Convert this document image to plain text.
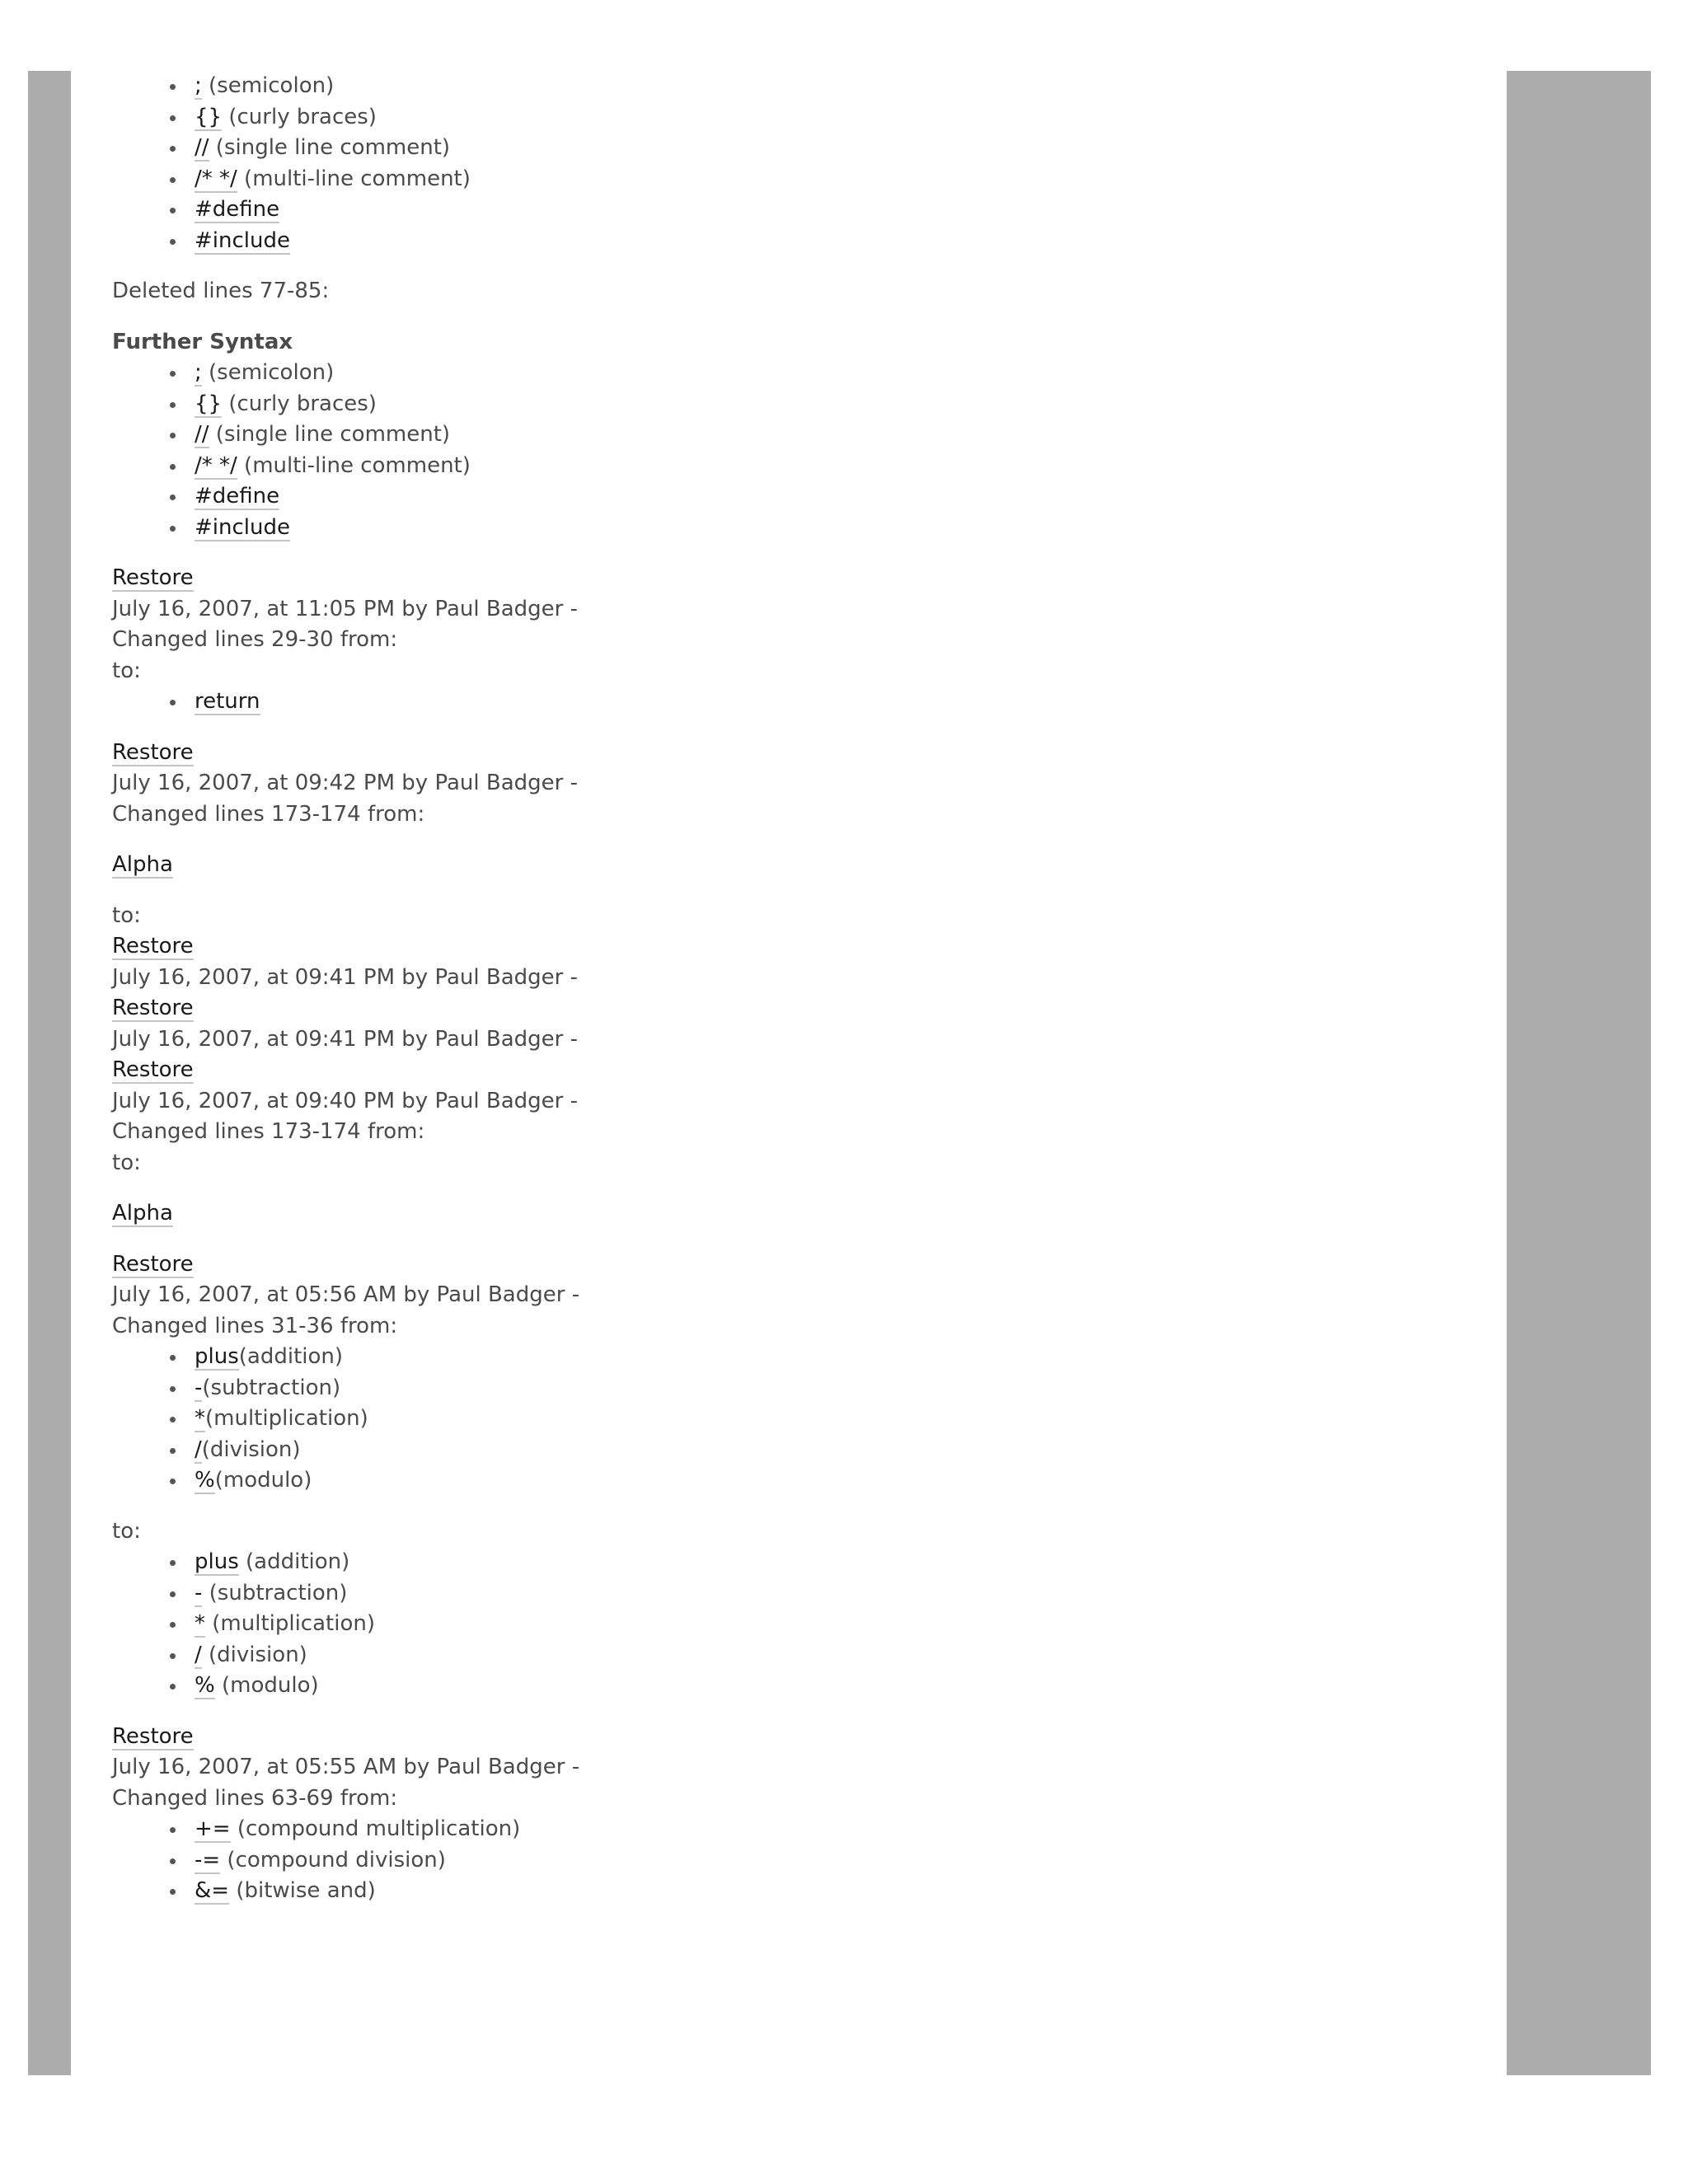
; (semicolon)
{} (curly braces)
// (single line comment)
/* */ (multi-line comment)
#define
#include

Deleted lines 77-85:

Further Syntax

; (semicolon)
{} (curly braces)
// (single line comment)
/* */ (multi-line comment)
#define
#include
Restore
July 16, 2007, at 11:05 PM by Paul Badger -
Changed lines 29-30 from:
to:
return
Restore
July 16, 2007, at 09:42 PM by Paul Badger -
Changed lines 173-174 from:
Alpha
to:
Restore
July 16, 2007, at 09:41 PM by Paul Badger -
Restore
July 16, 2007, at 09:41 PM by Paul Badger -
Restore
July 16, 2007, at 09:40 PM by Paul Badger -
Changed lines 173-174 from:
to:
Alpha
Restore
July 16, 2007, at 05:56 AM by Paul Badger -
Changed lines 31-36 from:
plus(addition)
-(subtraction)
*(multiplication)
/(division)
%(modulo)
to:
plus (addition)
- (subtraction)
* (multiplication)
/ (division)
% (modulo)
Restore
July 16, 2007, at 05:55 AM by Paul Badger -
Changed lines 63-69 from:
+= (compound multiplication)
-= (compound division)
&= (bitwise and)
